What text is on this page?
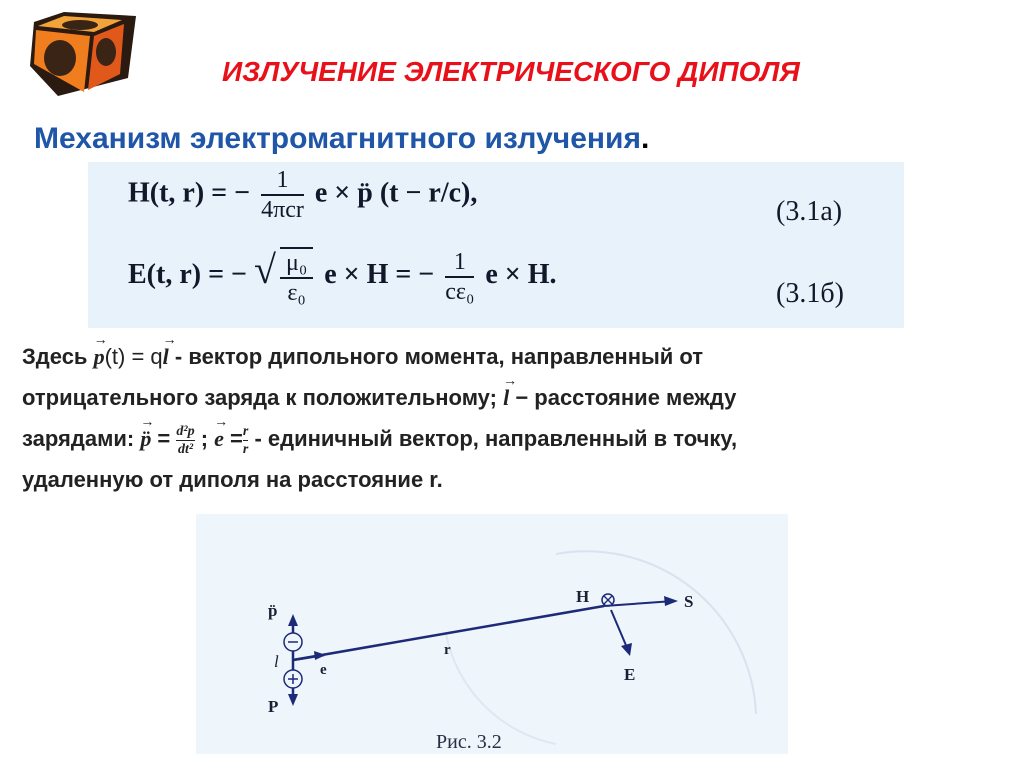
ИЗЛУЧЕНИЕ ЭЛЕКТРИЧЕСКОГО ДИПОЛЯ
Механизм электромагнитного излучения.
H(t, r) = − $\frac{1}{\text{4πcr}}$ e × p̈ (t − r/c),
(3.1а)
E(t, r) = − √ $\frac{\text{μ₀}}{\text{ε₀}}$ e × H = − $\frac{1}{\text{cε₀}}$ e × H.
(3.1б)
Здесь → p(t) = q→ l - вектор дипольного момента, направленный от
отрицательного заряда к положительному; → l − расстояние между
зарядами: → p̈ = $\frac{\text{d²p}}{\text{dt²}}$ ; → $e = \frac{r}{r}$ - единичный вектор, направленный в точку,
удаленную от диполя на расстояние r.
p̈
P
l	e
r
H	S
E
Рис. 3.2
